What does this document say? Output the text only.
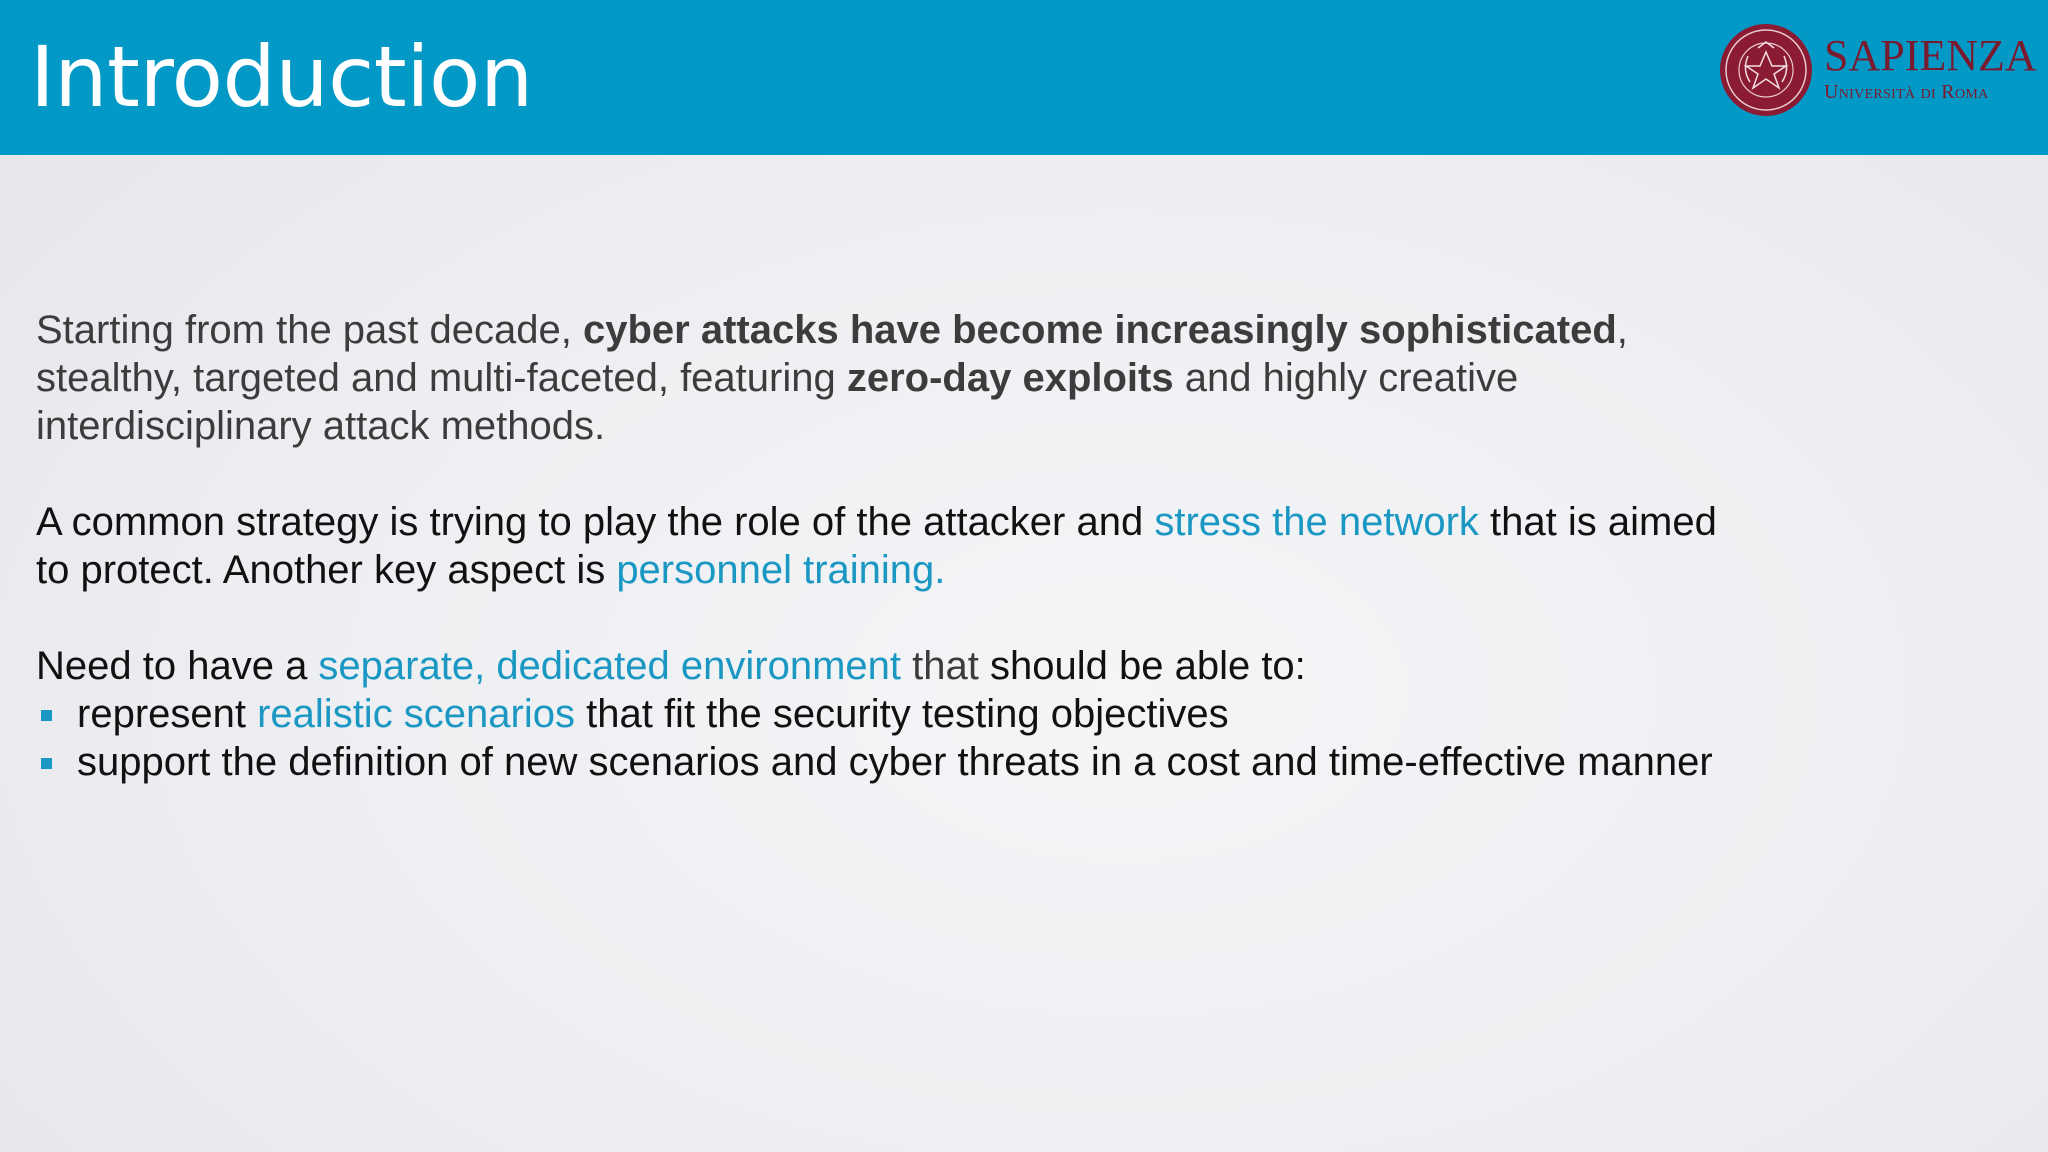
Introduction	SAPIENZA
Università di Roma

Starting from the past decade, cyber attacks have become increasingly sophisticated, stealthy, targeted and multi-faceted, featuring zero-day exploits and highly creative interdisciplinary attack methods.

A common strategy is trying to play the role of the attacker and stress the network that is aimed to protect. Another key aspect is personnel training.

Need to have a separate, dedicated environment that should be able to:

represent realistic scenarios that fit the security testing objectives
support the definition of new scenarios and cyber threats in a cost and time-effective manner
